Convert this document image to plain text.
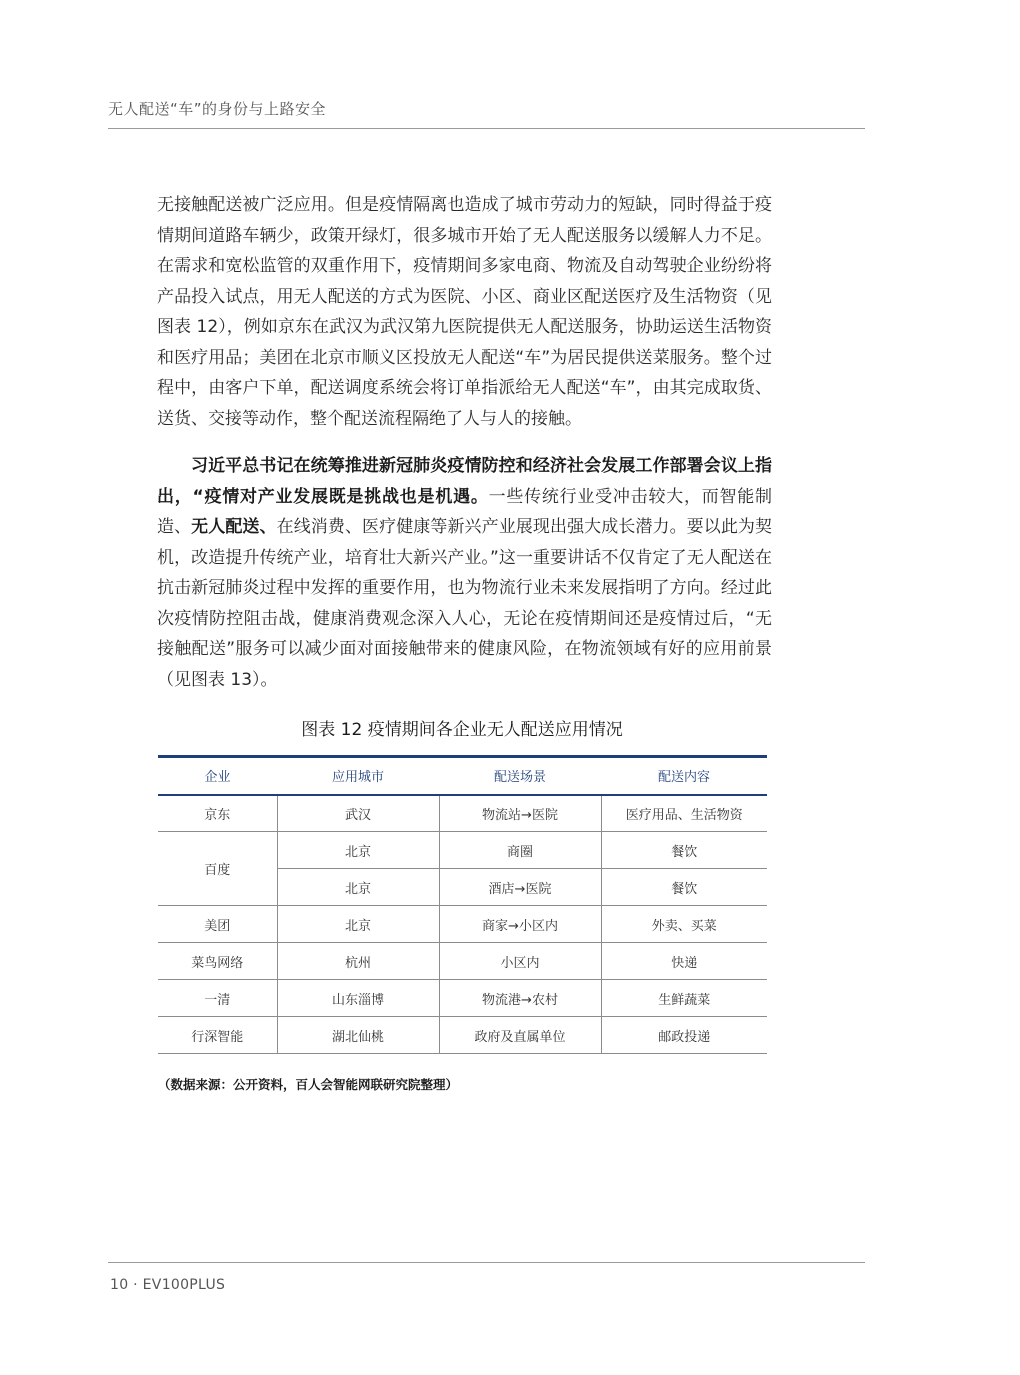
无人配送“车”的身份与上路安全

无接触配送被广泛应用。但是疫情隔离也造成了城市劳动力的短缺，同时得益于疫情期间道路车辆少，政策开绿灯，很多城市开始了无人配送服务以缓解人力不足。在需求和宽松监管的双重作用下，疫情期间多家电商、物流及自动驾驶企业纷纷将产品投入试点，用无人配送的方式为医院、小区、商业区配送医疗及生活物资（见图表 12），例如京东在武汉为武汉第九医院提供无人配送服务，协助运送生活物资和医疗用品；美团在北京市顺义区投放无人配送“车”为居民提供送菜服务。整个过程中，由客户下单，配送调度系统会将订单指派给无人配送“车”，由其完成取货、送货、交接等动作，整个配送流程隔绝了人与人的接触。

习近平总书记在统筹推进新冠肺炎疫情防控和经济社会发展工作部署会议上指出，“疫情对产业发展既是挑战也是机遇。一些传统行业受冲击较大，而智能制造、无人配送、在线消费、医疗健康等新兴产业展现出强大成长潜力。要以此为契机，改造提升传统产业，培育壮大新兴产业。”这一重要讲话不仅肯定了无人配送在抗击新冠肺炎过程中发挥的重要作用，也为物流行业未来发展指明了方向。经过此次疫情防控阻击战，健康消费观念深入人心，无论在疫情期间还是疫情过后，“无接触配送”服务可以减少面对面接触带来的健康风险，在物流领域有好的应用前景（见图表 13）。

图表 12 疫情期间各企业无人配送应用情况
企业	应用城市	配送场景	配送内容
京东	武汉	物流站→医院	医疗用品、生活物资
百度	北京	商圈	餐饮
	北京	酒店→医院	餐饮
美团	北京	商家→小区内	外卖、买菜
菜鸟网络	杭州	小区内	快递
一清	山东淄博	物流港→农村	生鲜蔬菜
行深智能	湖北仙桃	政府及直属单位	邮政投递
（数据来源：公开资料，百人会智能网联研究院整理）
10 · EV100PLUS
